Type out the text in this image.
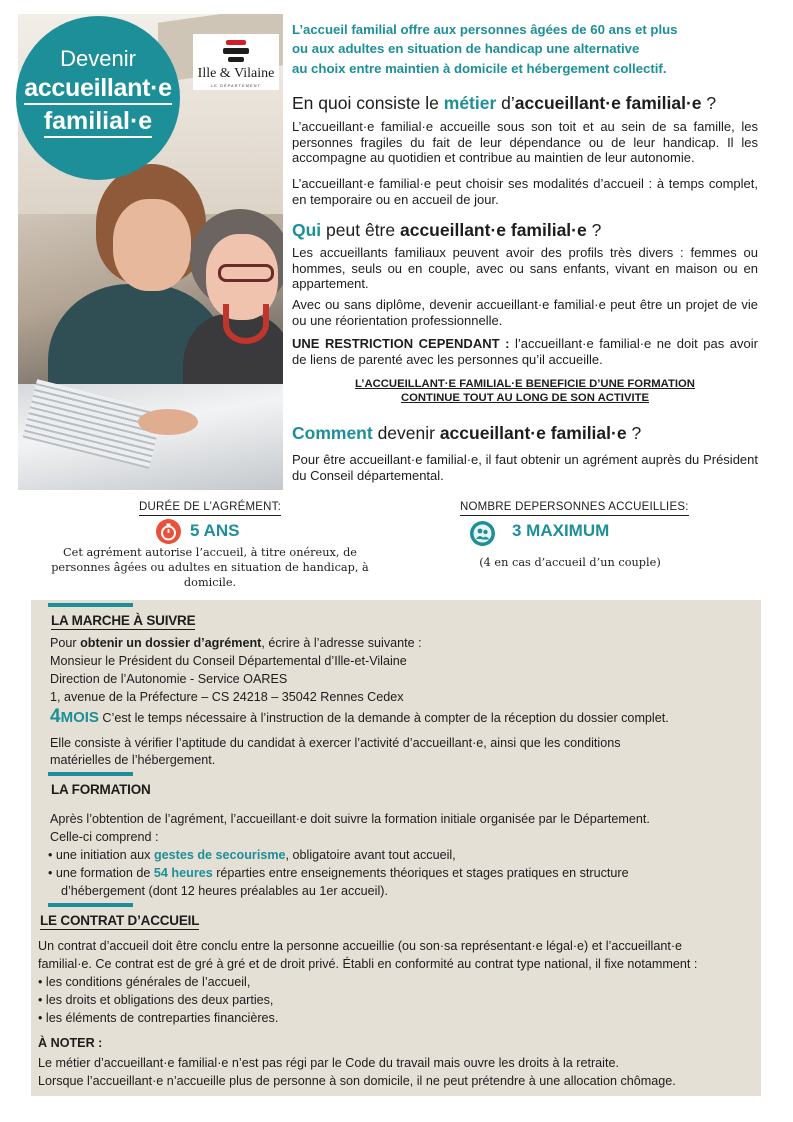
Devenir
accueillant·e
familial·e
Ille & Vilaine
LE DÉPARTEMENT
L’accueil familial offre aux personnes âgées de 60 ans et plus
ou aux adultes en situation de handicap une alternative
au choix entre maintien à domicile et hébergement collectif.
En quoi consiste le métier d’accueillant·e familial·e ?
L’accueillant·e familial·e accueille sous son toit et au sein de sa famille, les personnes fragiles du fait de leur dépendance ou de leur handicap. Il les accompagne au quotidien et contribue au maintien de leur autonomie.
L’accueillant·e familial·e peut choisir ses modalités d’accueil : à temps complet, en temporaire ou en accueil de jour.
Qui peut être accueillant·e familial·e ?
Les accueillants familiaux peuvent avoir des profils très divers : femmes ou hommes, seuls ou en couple, avec ou sans enfants, vivant en maison ou en appartement.
Avec ou sans diplôme, devenir accueillant·e familial·e peut être un projet de vie ou une réorientation professionnelle.
UNE RESTRICTION CEPENDANT : l’accueillant·e familial·e ne doit pas avoir de liens de parenté avec les personnes qu’il accueille.
L’ACCUEILLANT·E FAMILIAL·E BENEFICIE D’UNE FORMATION
CONTINUE TOUT AU LONG DE SON ACTIVITE
Comment devenir accueillant·e familial·e ?
Pour être accueillant·e familial·e, il faut obtenir un agrément auprès du Président du Conseil départemental.
DURÉE DE L’AGRÉMENT:
5 ANS
Cet agrément autorise l’accueil, à titre onéreux, de personnes âgées ou adultes en situation de handicap, à domicile.
NOMBRE DEPERSONNES ACCUEILLIES:
3 MAXIMUM
(4 en cas d’accueil d’un couple)
LA MARCHE À SUIVRE
Pour obtenir un dossier d’agrément, écrire à l’adresse suivante :
Monsieur le Président du Conseil Départemental d’Ille-et-Vilaine
Direction de l’Autonomie - Service OARES
1, avenue de la Préfecture – CS 24218 – 35042 Rennes Cedex
4MOIS C’est le temps nécessaire à l’instruction de la demande à compter de la réception du dossier complet.
Elle consiste à vérifier l’aptitude du candidat à exercer l’activité d’accueillant·e, ainsi que les conditions
matérielles de l’hébergement.
LA FORMATION
Après l’obtention de l’agrément, l’accueillant·e doit suivre la formation initiale organisée par le Département.
Celle-ci comprend :
• une initiation aux gestes de secourisme, obligatoire avant tout accueil,
• une formation de 54 heures réparties entre enseignements théoriques et stages pratiques en structure
d’hébergement (dont 12 heures préalables au 1er accueil).
LE CONTRAT D’ACCUEIL
Un contrat d’accueil doit être conclu entre la personne accueillie (ou son·sa représentant·e légal·e) et l’accueillant·e
familial·e. Ce contrat est de gré à gré et de droit privé. Établi en conformité au contrat type national, il fixe notamment :
• les conditions générales de l’accueil,
• les droits et obligations des deux parties,
• les éléments de contreparties financières.
À NOTER :
Le métier d’accueillant·e familial·e n’est pas régi par le Code du travail mais ouvre les droits à la retraite.
Lorsque l’accueillant·e n’accueille plus de personne à son domicile, il ne peut prétendre à une allocation chômage.
